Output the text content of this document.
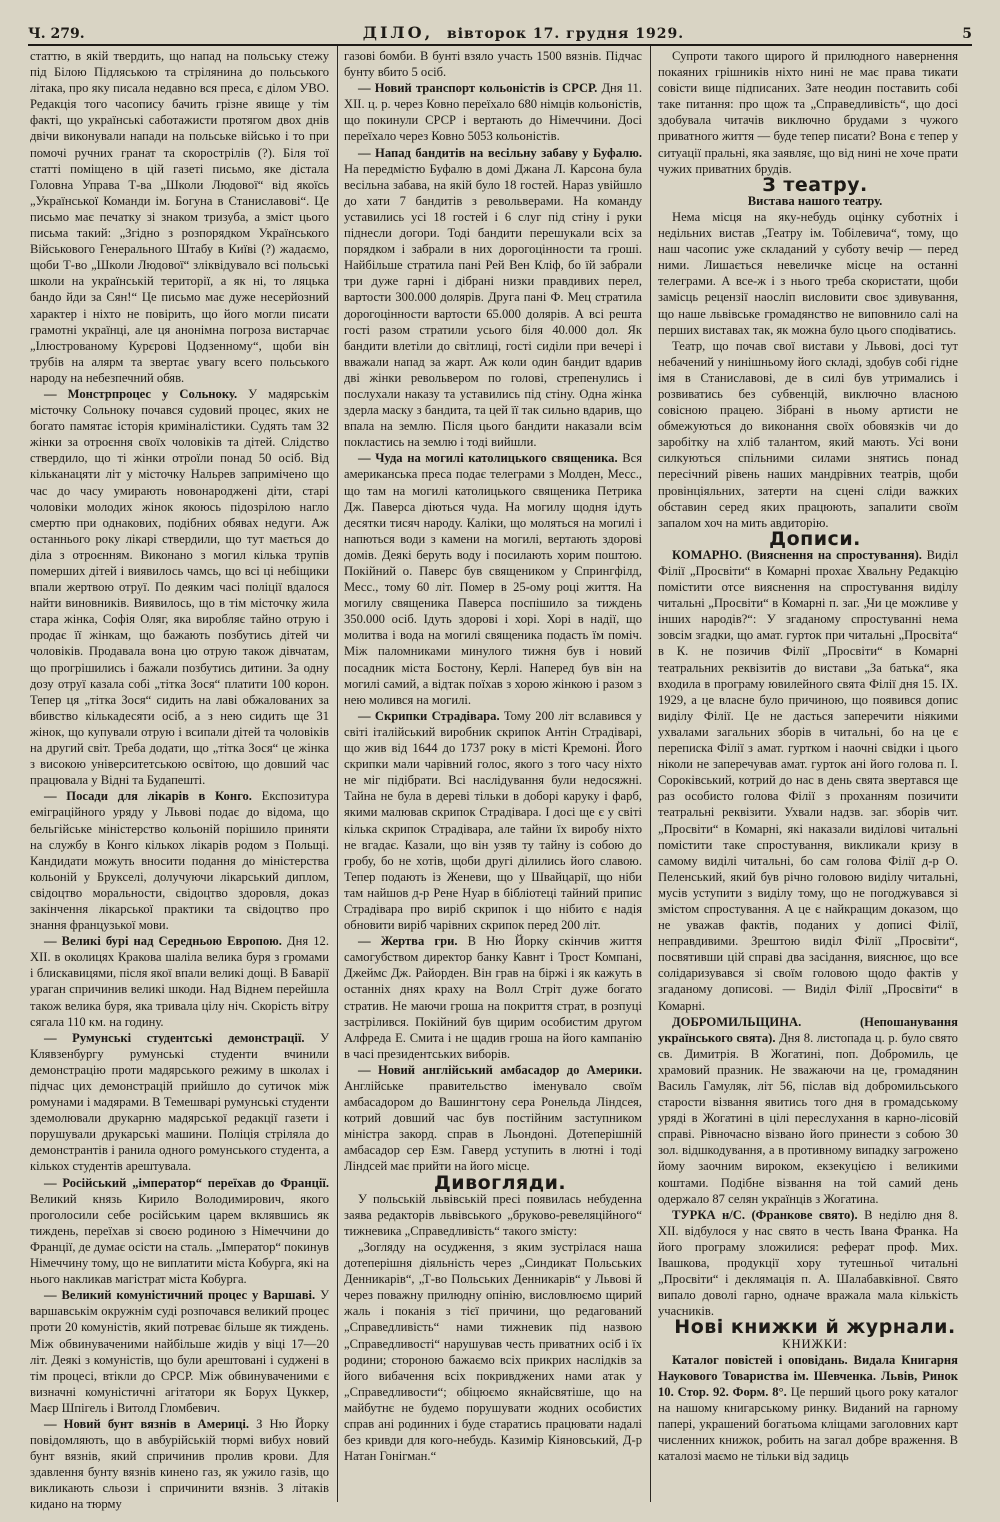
Ч. 279.	ДІЛО, вівторок 17. грудня 1929.	5

статтю, в якій твердить, що напад на польську стежу під Білою Підляською та стрілянина до польського літака, про яку писала недавно вся преса, є ділом УВО. Редакція того часопису бачить грізне явище у тім факті, що українські саботажисти протягом двох днів двічи виконували напади на польське військо і то при помочі ручних гранат та скорострілів (?). Біля тої статті поміщено в цій газеті письмо, яке дістала Головна Управа Т-ва „Школи Людової“ від якоїсь „Української Команди ім. Богуна в Станиславові“. Це письмо має печатку зі знаком тризуба, а зміст цього письма такий: „Згідно з розпорядком Українського Військового Генерального Штабу в Київі (?) жадаємо, щоби Т-во „Школи Людової“ зліквідувало всі польські школи на українській території, а як ні, то ляцька бандо йди за Сян!“ Це письмо має дуже несерйозний характер і ніхто не повірить, що його могли писати грамотні українці, але ця анонімна погроза вистарчає „Ілюстрованому Курєрові Цодзенному“, щоби він трубів на алярм та звертає увагу всего польського народу на небезпечний обяв.

— Монстрпроцес у Сольноку. У мадярськім місточку Сольноку почався судовий процес, яких не богато памятає історія криміналістики. Судять там 32 жінки за отроєння своїх чоловіків та дітей. Слідство ствердило, що ті жінки отроїли понад 50 осіб. Від кільканацяти літ у місточку Нальрев заприміченo що час до часу умирають новонароджені діти, старі чоловіки молодих жінок якоюсь підозрілою нагло смертю при однакових, подібних обявах недуги. Аж останнього року лікарі ствердили, що тут мається до діла з отроєнням. Виконано з могил кілька трупів померших дітей і виявилось чамсь, що всі ці небіщики впали жертвою отруї. По деяким часі поліції вдалося найти виновників. Виявилось, що в тім місточку жила стара жінка, Софія Оляг, яка виробляє тайно отрую і продає її жінкам, що бажають позбутись дітей чи чоловіків. Продавала вона цю отрую також дівчатам, що прогрішились і бажали позбутись дитини. За одну дозу отруї казала собі „тітка Зося“ платити 100 корон. Тепер ця „тітка Зося“ сидить на лаві обжалованих за вбивство кількадесяти осіб, а з нею сидить ще 31 жінок, що купували отрую і всипали дітей та чоловіків на другий світ. Треба додати, що „тітка Зося“ це жінка з високою університетською освітою, що довший час працювала у Відні та Будапешті.

— Посади для лікарів в Конго. Експозитура еміграційного уряду у Львові подає до відома, що бельгійське міністерство кольоній порішило приняти на службу в Конго кількох лікарів родом з Польщі. Кандидати можуть вносити подання до міністерства кольоній у Брукселі, долучуючи лікарський диплом, свідоцтво моральности, свідоцтво здоровля, доказ закінчення лікарської практики та свідоцтво про знання французької мови.

— Великі бурі над Середньою Европою. Дня 12. XII. в околицях Кракова шаліла велика буря з громами і блискавицями, після якої впали великі дощі. В Баварії ураган спричинив великі шкоди. Над Віднем перейшла також велика буря, яка тривала цілу ніч. Скорість вітру сягала 110 км. на годину.

— Румунські студентські демонстрації. У Клявзенбургу румунські студенти вчинили демонстрацію проти мадярського режиму в школах і підчас цих демонстрацій прийшло до сутичок між ромунами і мадярами. В Темешварі румунські студенти здемолювали друкарню мадярської редакції газети і порушували друкарські машини. Поліція стріляла до демонстрантів і ранила одного ромунського студента, а кількох студентів арештувала.

— Російський „імператор“ переїхав до Франції. Великий князь Кирило Володимирович, якого проголосили себе російським царем вклявшись як тиждень, переїхав зі своєю родиною з Німеччини до Франції, де думає осісти на сталь. „Імператор“ покинув Німеччину тому, що не виплатити міста Кобурга, які на нього накликав магістрат міста Кобурга.

— Великий комуністичний процес у Варшаві. У варшавськім окружнім суді розпочався великий процес проти 20 комуністів, який потреває більше як тиждень. Між обвинуваченими найбільше жидів у віці 17—20 літ. Деякі з комуністів, що були арештовані і суджені в тім процесі, втікли до СРСР. Між обвинуваченими є визначні комуністичні агітатори як Борух Цуккер, Маєр Шпігель і Витолд Гломбевич.

— Новий бунт вязнів в Америці. З Ню Йорку повідомляють, що в авбурійській тюрмі вибух новий бунт вязнів, який спричинив пролив крови. Для здавлення бунту вязнів кинено газ, як ужило газів, що викликають сльози і спричинити вязнів. З літаків кидано на тюрму

газові бомби. В бунті взяло участь 1500 вязнів. Підчас бунту вбито 5 осіб.

— Новий транспорт кольоністів із СРСР. Дня 11. XII. ц. р. через Ковно переїхало 680 німців кольоністів, що покинули СРСР і вертають до Німеччини. Досі переїхало через Ковно 5053 кольоністів.

— Напад бандитів на весільну забаву у Буфалю. На передмістю Буфалю в домі Джана Л. Карсона була весільна забава, на якій було 18 гостей. Нараз увійшло до хати 7 бандитів з револьверами. На команду уставились усі 18 гостей і 6 слуг під стіну і руки піднесли догори. Тоді бандити перешукали всіх за порядком і забрали в них дорогоцінности та гроші. Найбільше стратила пані Рей Вен Кліф, бо їй забрали три дуже гарні і дібрані низки правдивих перел, вартости 300.000 долярів. Друга пані Ф. Мец стратила дорогоцінности вартости 65.000 долярів. А всі решта гості разом стратили усього біля 40.000 дол. Як бандити влетіли до світлиці, гості сиділи при вечері і вважали напад за жарт. Аж коли один бандит вдарив дві жінки револьвером по голові, стрепенулись і послухали наказу та уставились під стіну. Одна жінка здерла маску з бандита, та цей її так сильно вдарив, що впала на землю. Після цього бандити наказали всім покластись на землю і тоді вийшли.

— Чуда на могилі католицького священика. Вся американська преса подає телеграми з Молден, Месс., що там на могилі католицького священика Петрика Дж. Паверса діються чуда. На могилу щодня ідуть десятки тисяч народу. Каліки, що моляться на могилі і напються води з камени на могилі, вертають здорові домів. Деякі беруть воду і посилають хорим поштою. Покійний о. Паверс був священиком у Спрингфілд, Месс., тому 60 літ. Помер в 25-ому році життя. На могилу священика Паверса поспішило за тиждень 350.000 осіб. Ідуть здорові і хорі. Хорі в надії, що молитва і вода на могилі священика подасть їм поміч. Між паломниками минулого тижня був і новий посадник міста Бостону, Керлі. Наперед був він на могилі самий, а відтак поїхав з хорою жінкою і разом з нею молився на могилі.

— Скрипки Страдівара. Тому 200 літ вславився у світі італійський виробник скрипок Антін Страдіварі, що жив від 1644 до 1737 року в місті Кремоні. Його скрипки мали чарівний голос, якого з того часу ніхто не міг підібрати. Всі наслідування були недосяжні. Тайна не була в дереві тільки в доборі каруку і фарб, якими малював скрипок Страдівара. І досі ще є у світі кілька скрипок Страдівара, але тайни їх виробу ніхто не вгадає. Казали, що він узяв ту тайну із собою до гробу, бо не хотів, щоби другі ділились його славою. Тепер подають із Женеви, що у Швайцарії, що ніби там найшов д-р Рене Нуар в бібліотеці тайний припис Страдівара про виріб скрипок і що нібито є надія обновити виріб чарівних скрипок перед 200 літ.

— Жертва гри. В Ню Йорку скінчив життя самогубством директор банку Кавнт і Трост Компані, Джеймс Дж. Райорден. Він грав на біржі і як кажуть в останніх днях краху на Волл Стріт дуже богато стратив. Не маючи гроша на покриття страт, в розпуці застрілився. Покійний був щирим особистим другом Алфреда Е. Смита і не щадив гроша на його кампанію в часі президентських виборів.

— Новий англійський амбасадор до Америки. Англійське правительство іменувало своїм амбасадором до Вашингтону сера Ронельда Ліндсея, котрий довший час був постійним заступником міністра закорд. справ в Льондоні. Дотеперішній амбасадор сер Езм. Гаверд уступить в лютні і тоді Ліндсей має прийти на його місце.

Дивогляди.

У польській львівській пресі появилась небуденна заява редакторів львівського „бруково-ревеляційного“ тижневика „Справедливість“ такого змісту:

„Зогляду на осудження, з яким зустрілася наша дотеперішня діяльність через „Синдикат Польських Денникарів“, „Т-во Польських Денникарів“ у Львові й через поважну прилюдну опінію, висловлюємо щирий жаль і поканія з тієї причини, що редагований „Справедливість“ нами тижневик під назвою „Справедливості“ нарушував честь приватних осіб і їх родини; стороною бажаємо всіх прикрих наслідків за його вибачення всіх покривджених нами атак у „Справедливости“; обіцюємо якнайсвятіше, що на майбутнє не будемо порушувати жодних особистих справ ані родинних і буде старатись працювати надалі без кривди для кого-небудь. Казимір Кіяновський, Д-р Натан Гонігман.“

Супроти такого щирого й прилюдного навернення покаяних грішників ніхто нині не має права тикати совісти вище підписаних. Зате неодин поставить собі таке питання: про щож та „Справедливість“, що досі здобувала читачів виключно брудами з чужого приватного життя — буде тепер писати? Вона є тепер у ситуації пральні, яка заявляє, що від нині не хоче прати чужих приватних брудів.

З театру.

Вистава нашого театру.

Нема місця на яку-небудь оцінку суботніх і недільних вистав „Театру ім. Тобілевича“, тому, що наш часопис уже складаний у суботу вечір — перед ними. Лишається невеличке місце на останні телеграми. А все-ж і з нього треба скористати, щоби замісць рецензії наосліп висловити своє здивування, що наше львівське громадянство не виповнило салі на перших виставах так, як можна було цього сподіватись.

Театр, що почав свої вистави у Львові, досі тут небачений у нинішньому його складі, здобув собі гідне імя в Станиславові, де в силі був утримались і розвиватись без субвенцій, виключно власною совісною працею. Зібрані в ньому артисти не обмежуються до виконання своїх обовязків чи до заробітку на хліб талантом, який мають. Усі вони силкуються спільними силами знятись понад пересічний рівень наших мандрівних театрів, щоби провінціяльних, затерти на сцені сліди важких обставин серед яких працюють, запалити своїм запалом хоч на мить авдиторію.

Дописи.

КОМАРНО. (Вияснення на спростування). Виділ Філії „Просвіти“ в Комарні прохає Хвальну Редакцію помістити отсе вияснення на спростування виділу читальні „Просвіти“ в Комарні п. заг. „Чи це можливе у інших народів?“: У згаданому спростуванні нема зовсім згадки, що амат. гурток при читальні „Просвіта“ в К. не позичив Філії „Просвіти“ в Комарні театральних реквізитів до вистави „За батька“, яка входила в програму ювилейного свята Філії дня 15. IX. 1929, а це власне було причиною, що появився допис виділу Філії. Це не дасться заперечити ніякими ухвалами загальних зборів в читальні, бо на це є переписка Філії з амат. гуртком і наочні свідки і цього ніколи не заперечував амат. гурток ані його голова п. І. Сороківський, котрий до нас в день свята звертався ще раз особисто голова Філії з проханням позичити театральні реквізити. Ухвали надзв. заг. зборів чит. „Просвіти“ в Комарні, які наказали виділові читальні помістити таке спростування, викликали кризу в самому виділі читальні, бо сам голова Філії д-р О. Пеленський, який був річно головою виділу читальні, мусів уступити з виділу тому, що не погоджувався зі змістом спростування. А це є найкращим доказом, що не уважав фактів, поданих у дописі Філії, неправдивими. Зрештою виділ Філії „Просвіти“, посвятивши цій справі два засідання, вияснює, що все солідаризувався зі своїм головою щодо фактів у згаданому дописові. — Виділ Філії „Просвіти“ в Комарні.

ДОБРОМИЛЬЩИНА. (Непошанування українського свята). Дня 8. листопада ц. р. було свято св. Димитрія. В Жогатині, поп. Добромиль, це храмовий празник. Не зважаючи на це, громадянин Василь Гамуляк, літ 56, післав від добромильського старости візвання явитись того дня в громадському уряді в Жогатині в цілі переслухання в карно-лісовій справі. Рівночасно візвано його принести з собою 30 зол. відшкодування, а в противному випадку загрожено йому заочним вироком, екзекуцією і великими коштами. Подібне візвання на той самий день одержало 87 селян українців з Жогатина.

ТУРКА н/С. (Франкове свято). В неділю дня 8. XII. відбулося у нас свято в честь Івана Франка. На його програму зложилися: реферат проф. Мих. Івашкова, продукції хору тутешньої читальні „Просвіти“ і деклямація п. А. Шалабавківної. Свято випало доволі гарно, одначе вражала мала кількість учасників.

Нові книжки й журнали.

КНИЖКИ:

Каталог повістей і оповідань. Видала Книгарня Наукового Товариства ім. Шевченка. Львів, Ринок 10. Стор. 92. Форм. 8°. Це перший цього року каталог на нашому книгарському ринку. Виданий на гарному папері, украшений богатьома кліщами заголовних карт численних книжок, робить на загал добре враження. В каталозі маємо не тільки від задиць
